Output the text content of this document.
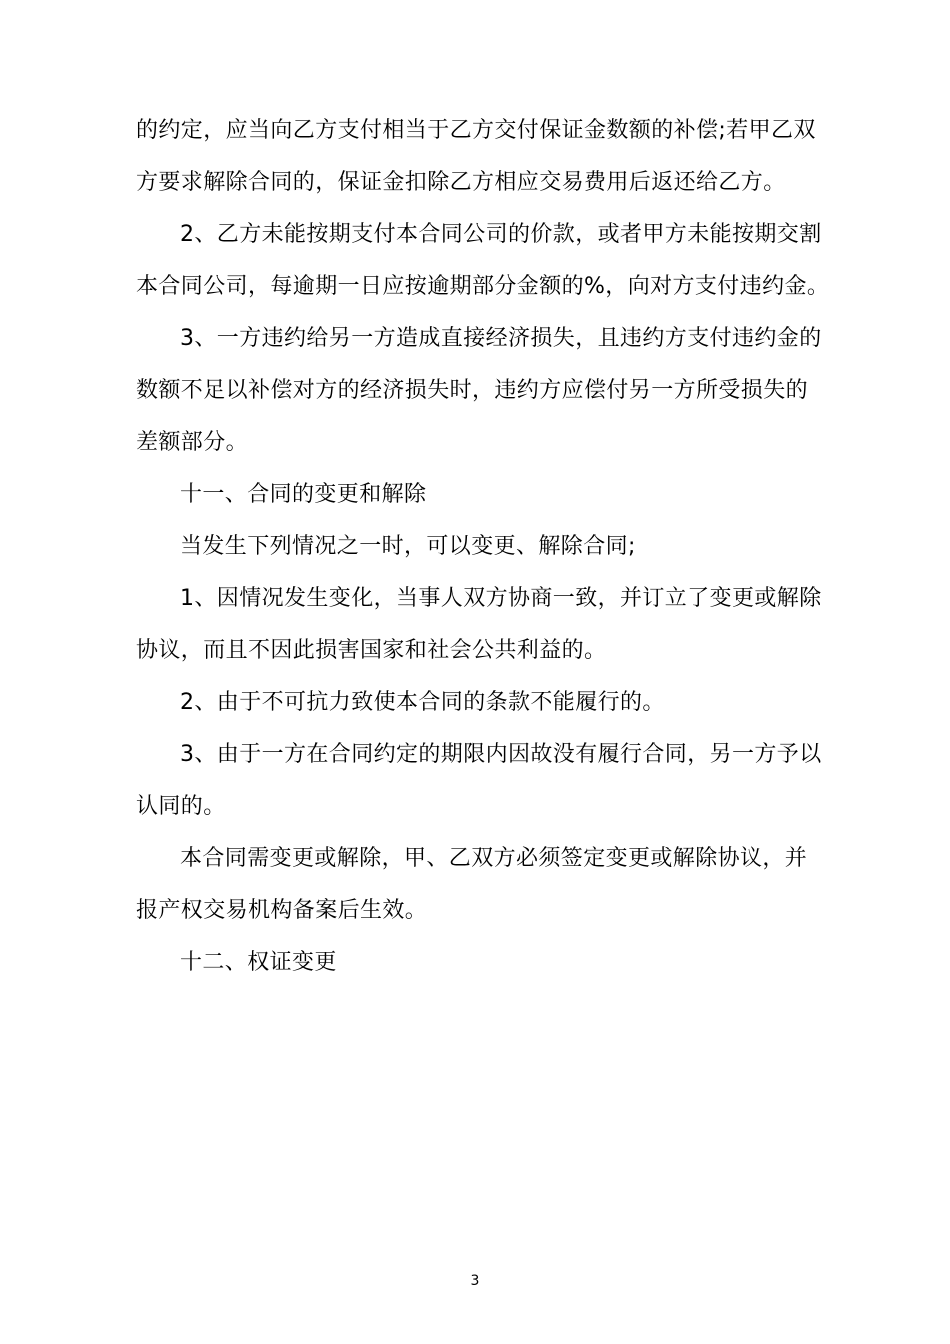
的约定，应当向乙方支付相当于乙方交付保证金数额的补偿;若甲乙双
方要求解除合同的，保证金扣除乙方相应交易费用后返还给乙方。
2、乙方未能按期支付本合同公司的价款，或者甲方未能按期交割
本合同公司，每逾期一日应按逾期部分金额的%，向对方支付违约金。
3、一方违约给另一方造成直接经济损失，且违约方支付违约金的
数额不足以补偿对方的经济损失时，违约方应偿付另一方所受损失的
差额部分。
十一、合同的变更和解除
当发生下列情况之一时，可以变更、解除合同;
1、因情况发生变化，当事人双方协商一致，并订立了变更或解除
协议，而且不因此损害国家和社会公共利益的。
2、由于不可抗力致使本合同的条款不能履行的。
3、由于一方在合同约定的期限内因故没有履行合同，另一方予以
认同的。
本合同需变更或解除，甲、乙双方必须签定变更或解除协议，并
报产权交易机构备案后生效。
十二、权证变更
3
